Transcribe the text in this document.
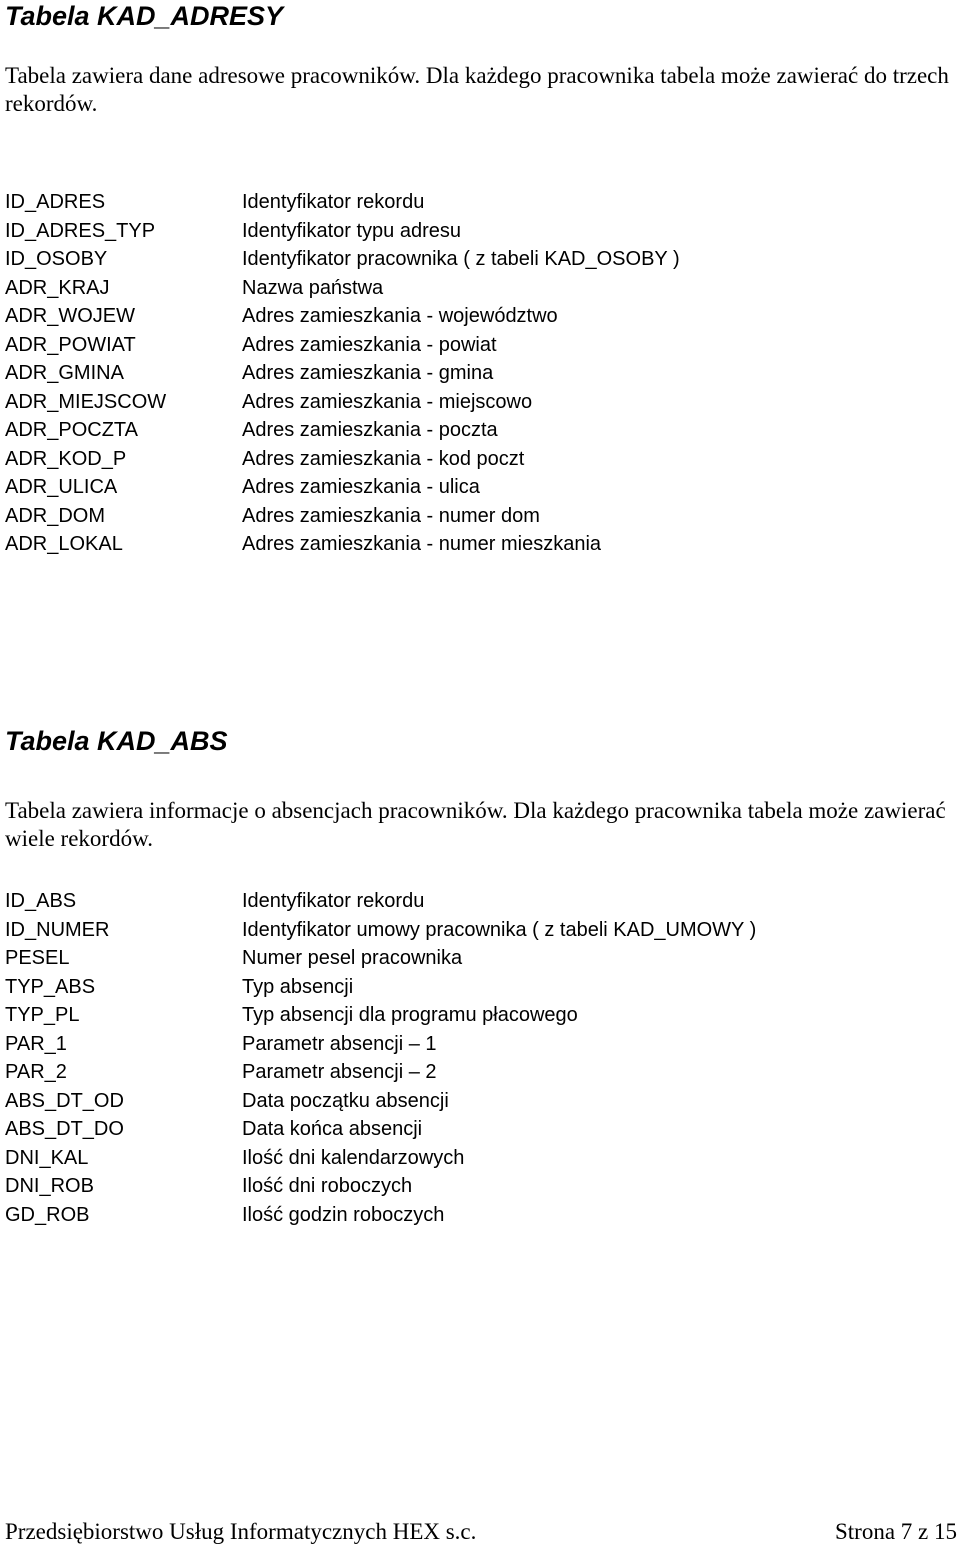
Tabela KAD_ADRESY

Tabela zawiera dane adresowe pracowników. Dla każdego pracownika tabela może zawierać do trzech rekordów.

ID_ADRES	Identyfikator rekordu
ID_ADRES_TYP	Identyfikator typu adresu
ID_OSOBY	Identyfikator pracownika ( z tabeli KAD_OSOBY )
ADR_KRAJ	Nazwa państwa
ADR_WOJEW	Adres zamieszkania - województwo
ADR_POWIAT	Adres zamieszkania - powiat
ADR_GMINA	Adres zamieszkania - gmina
ADR_MIEJSCOW	Adres zamieszkania - miejscowo
ADR_POCZTA	Adres zamieszkania - poczta
ADR_KOD_P	Adres zamieszkania - kod poczt
ADR_ULICA	Adres zamieszkania - ulica
ADR_DOM	Adres zamieszkania - numer dom
ADR_LOKAL	Adres zamieszkania - numer mieszkania
Tabela KAD_ABS

Tabela zawiera informacje o absencjach pracowników. Dla każdego pracownika tabela może zawierać wiele rekordów.

ID_ABS	Identyfikator rekordu
ID_NUMER	Identyfikator umowy pracownika ( z tabeli KAD_UMOWY )
PESEL	Numer pesel pracownika
TYP_ABS	Typ absencji
TYP_PL	Typ absencji dla programu płacowego
PAR_1	Parametr absencji – 1
PAR_2	Parametr absencji – 2
ABS_DT_OD	Data początku absencji
ABS_DT_DO	Data końca absencji
DNI_KAL	Ilość dni kalendarzowych
DNI_ROB	Ilość dni roboczych
GD_ROB	Ilość godzin roboczych
Przedsiębiorstwo Usług Informatycznych HEX s.c.	Strona 7 z 15
